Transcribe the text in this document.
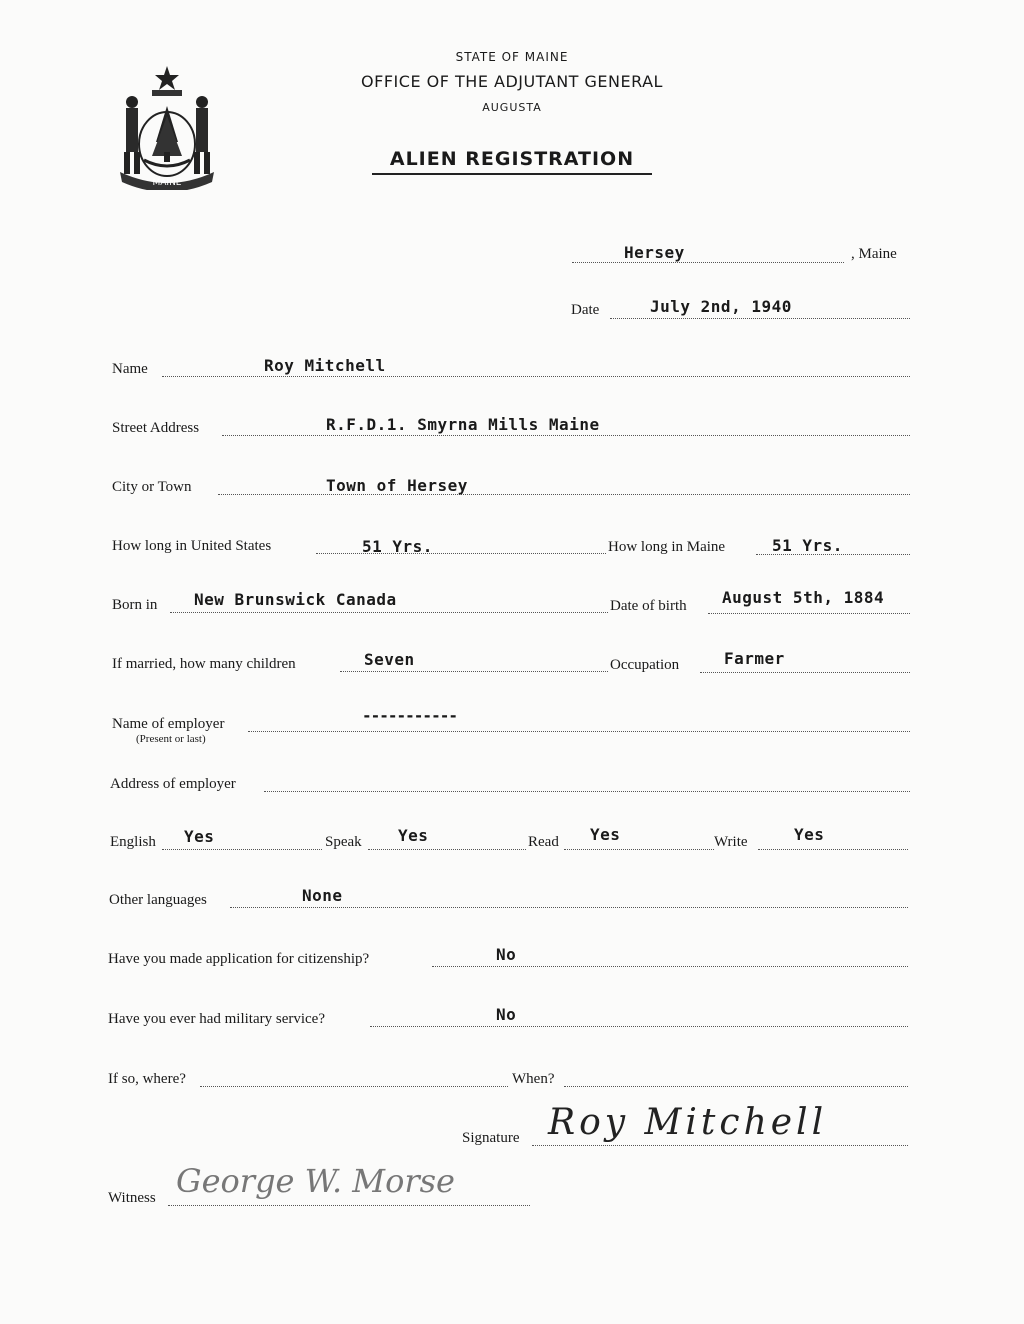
MAINE
STATE OF MAINE
OFFICE OF THE ADJUTANT GENERAL
AUGUSTA
ALIEN REGISTRATION
Hersey	, Maine
Date	July 2nd, 1940
Name	Roy Mitchell
Street Address	R.F.D.1. Smyrna Mills Maine
City or Town	Town of Hersey
How long in United States	51 Yrs.	How long in Maine	51 Yrs.
Born in New Brunswick Canada	Date of birth August 5th, 1884
If married, how many children	Seven	Occupation	Farmer
Name of employer
(Present or last)
-----------
Address of employer
English Yes	Speak Yes	Read Yes	Write	Yes
Other languages	None
Have you made application for citizenship?	No
Have you ever had military service?	No
If so, where?	When?
Signature Roy Mitchell
Witness George W. Morse
